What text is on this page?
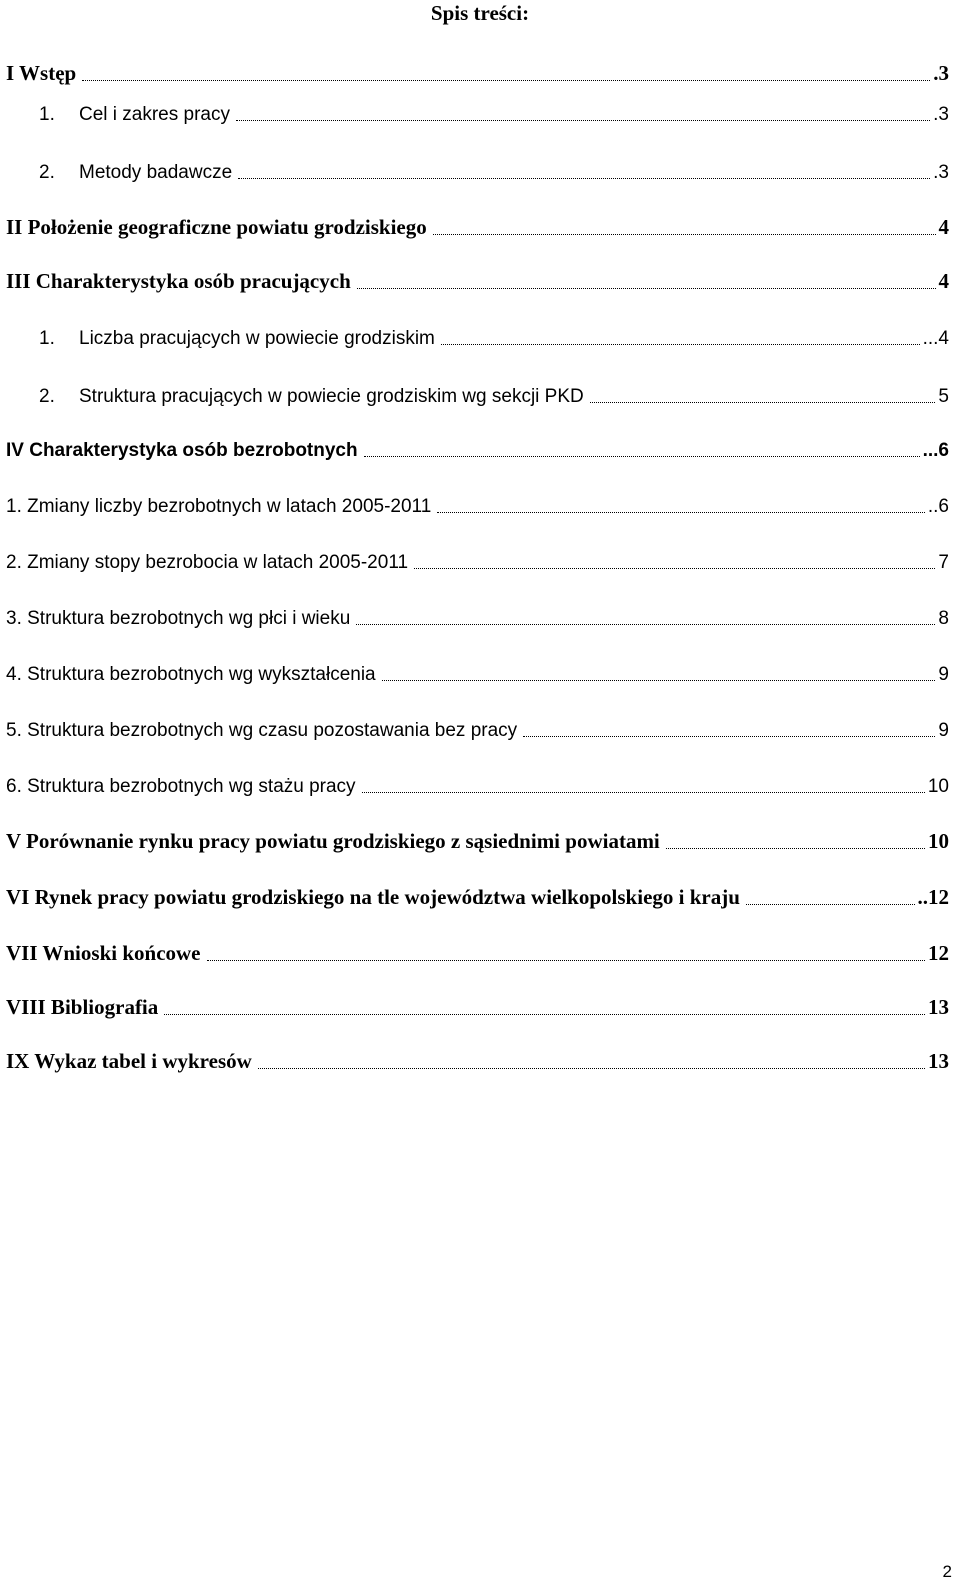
Spis treści:
I Wstęp	.3
1.	Cel i zakres pracy	.3
2.	Metody badawcze	.3
II Położenie geograficzne powiatu grodziskiego	4
III Charakterystyka osób pracujących	4
1.	Liczba pracujących w powiecie grodziskim	...4
2.	Struktura pracujących w powiecie grodziskim wg sekcji PKD	5
IV Charakterystyka osób bezrobotnych	...6
1. Zmiany liczby bezrobotnych w latach 2005-2011	..6
2. Zmiany stopy bezrobocia w latach 2005-2011	7
3. Struktura bezrobotnych wg płci i wieku	8
4. Struktura bezrobotnych wg wykształcenia	9
5. Struktura bezrobotnych wg czasu pozostawania bez pracy	9
6. Struktura bezrobotnych wg stażu pracy	10
V Porównanie rynku pracy powiatu grodziskiego z sąsiednimi powiatami	10
VI Rynek pracy powiatu grodziskiego na tle województwa wielkopolskiego i kraju	..12
VII Wnioski końcowe	12
VIII Bibliografia	13
IX Wykaz tabel i wykresów	13
2
